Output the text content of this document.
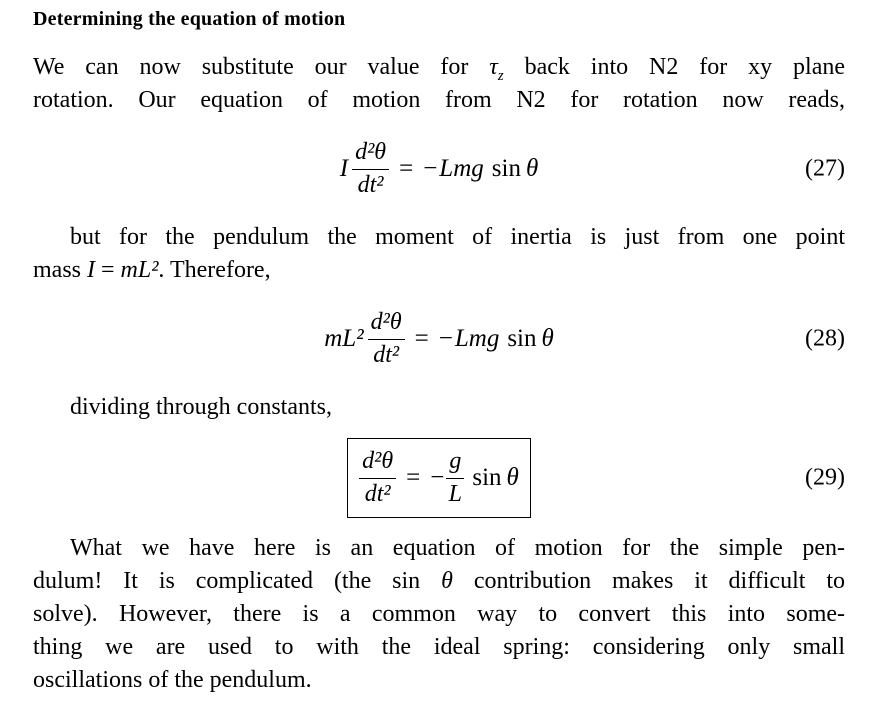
Determining the equation of motion
We can now substitute our value for $\tau_z$ back into N2 for xy plane
rotation. Our equation of motion from N2 for rotation now reads,
I $\frac{\text{d²θ}}{\text{dt²}}$ = − Lmg sin θ	(27)
but for the pendulum the moment of inertia is just from one point
mass I = mL². Therefore,
$mL^2 \frac{\text{d²θ}}{\text{dt²}}$ = − Lmg sin θ	(28)
dividing through constants,
$\frac{\text{d²θ}}{\text{dt²}}$ = − $\frac{g}{L}$ sin θ	(29)
What we have here is an equation of motion for the simple pen-
dulum! It is complicated (the sin θ contribution makes it difficult to
solve). However, there is a common way to convert this into some-
thing we are used to with the ideal spring: considering only small
oscillations of the pendulum.
